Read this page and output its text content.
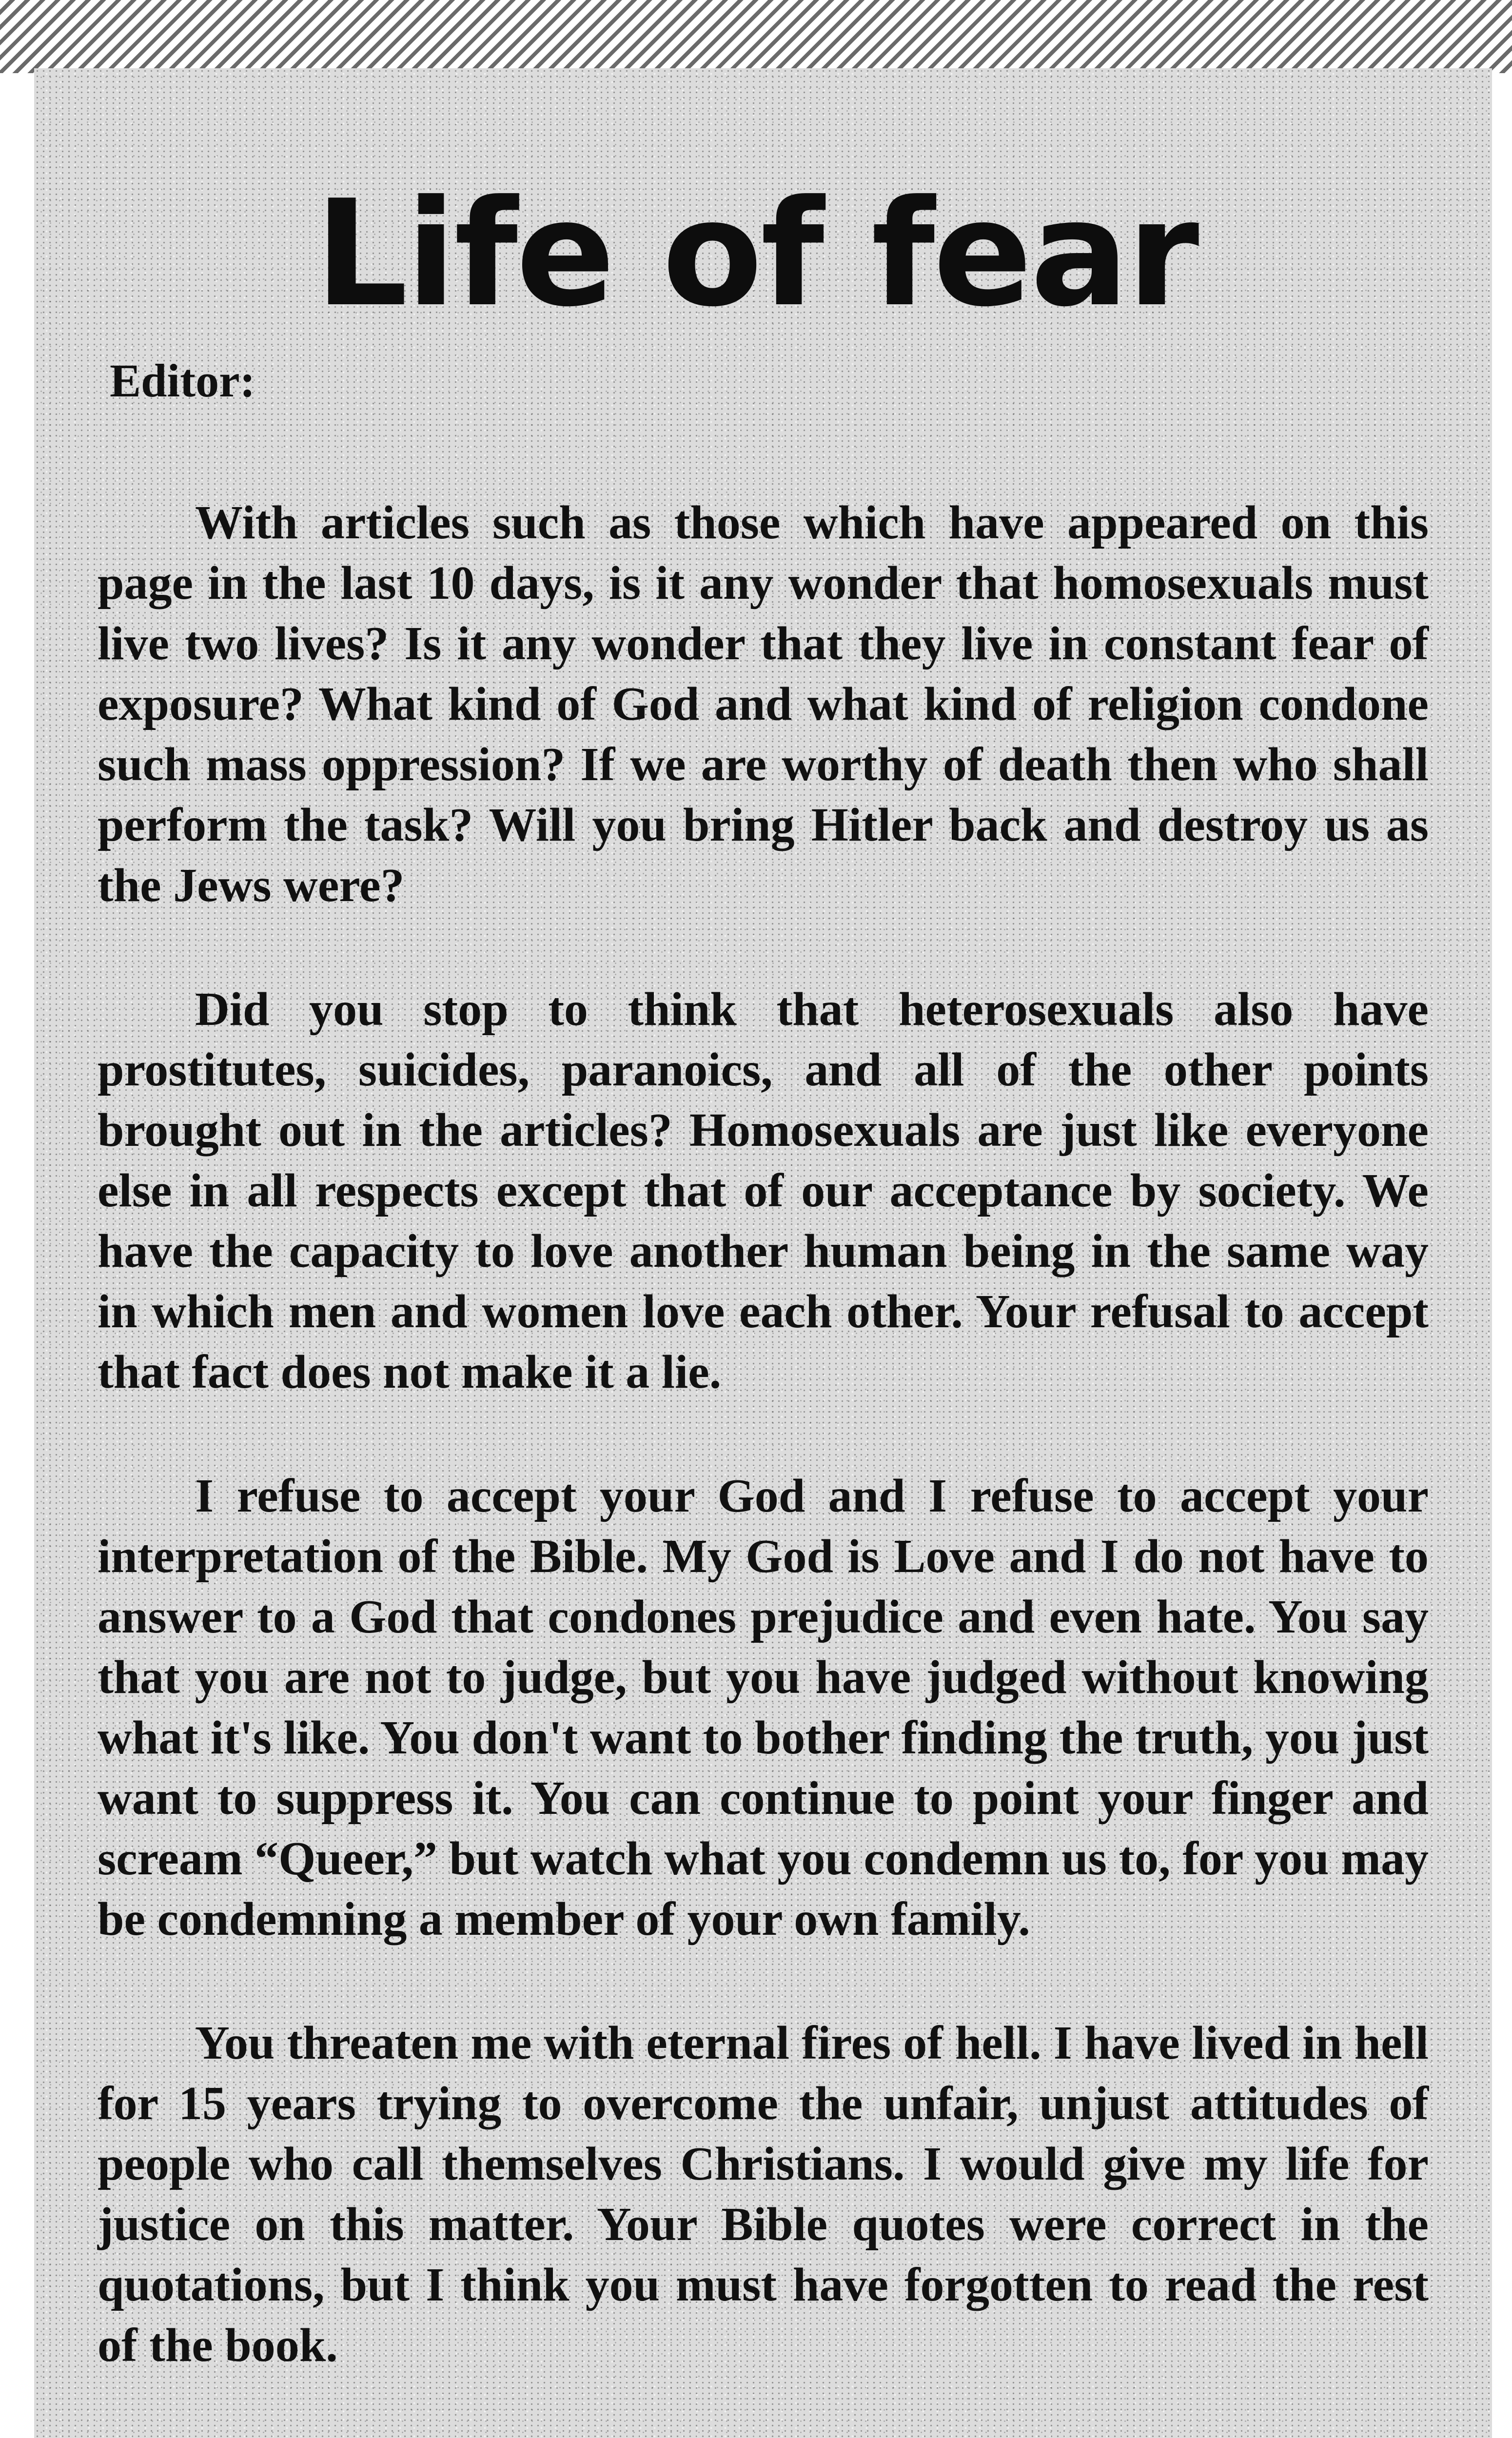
Life of fear
Editor:

With articles such as those which have appeared on this page in the last 10 days, is it any wonder that homosexuals must live two lives? Is it any wonder that they live in constant fear of exposure? What kind of God and what kind of religion condone such mass oppression? If we are worthy of death then who shall perform the task? Will you bring Hitler back and destroy us as the Jews were?

Did you stop to think that heterosexuals also have prostitutes, suicides, paranoics, and all of the other points brought out in the articles? Homosexuals are just like everyone else in all respects except that of our acceptance by society. We have the capacity to love another human being in the same way in which men and women love each other. Your refusal to accept that fact does not make it a lie.

I refuse to accept your God and I refuse to accept your interpretation of the Bible. My God is Love and I do not have to answer to a God that condones prejudice and even hate. You say that you are not to judge, but you have judged without knowing what it's like. You don't want to bother finding the truth, you just want to suppress it. You can continue to point your finger and scream “Queer,” but watch what you condemn us to, for you may be condemning a member of your own family.

You threaten me with eternal fires of hell. I have lived in hell for 15 years trying to overcome the unfair, unjust attitudes of people who call themselves Christians. I would give my life for justice on this matter. Your Bible quotes were correct in the quotations, but I think you must have forgotten to read the rest of the book.
